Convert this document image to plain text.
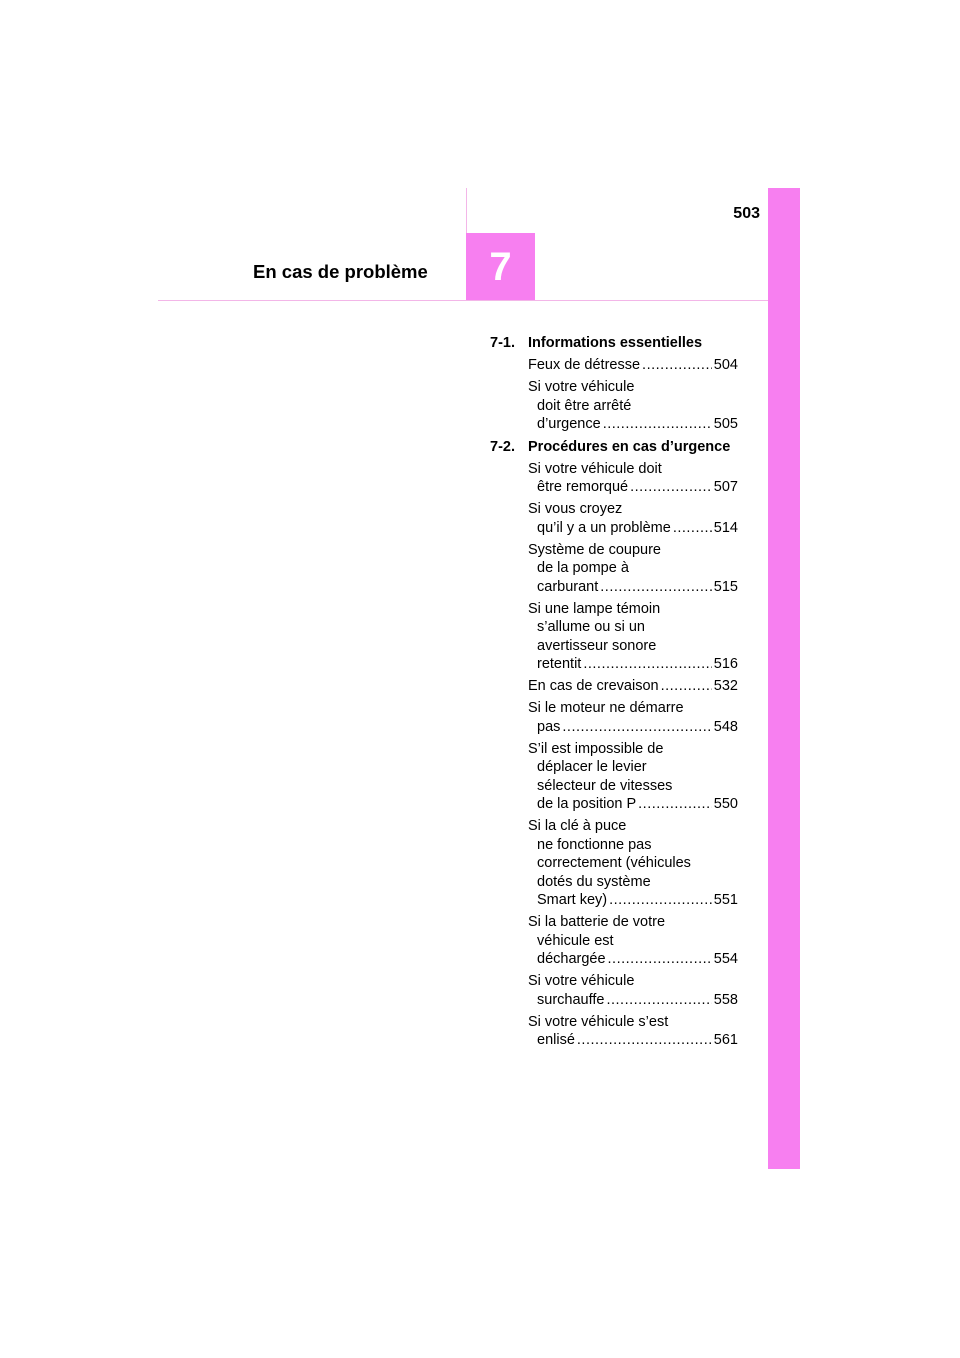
503
En cas de problème	7
7-1. Informations essentielles
Feux de détresse .....	504
Si votre véhicule
doit être arrêté
d’urgence .....	505
7-2. Procédures en cas d’urgence
Si votre véhicule doit
être remorqué .....	507
Si vous croyez
qu’il y a un problème .....	514
Système de coupure
de la pompe à
carburant .....	515
Si une lampe témoin
s’allume ou si un
avertisseur sonore
retentit .....	516
En cas de crevaison .....	532
Si le moteur ne démarre
pas .....	548
S’il est impossible de
déplacer le levier
sélecteur de vitesses
de la position P .....	550
Si la clé à puce
ne fonctionne pas
correctement (véhicules
dotés du système
Smart key) .....	551
Si la batterie de votre
véhicule est
déchargée .....	554
Si votre véhicule
surchauffe .....	558
Si votre véhicule s’est
enlisé .....	561
